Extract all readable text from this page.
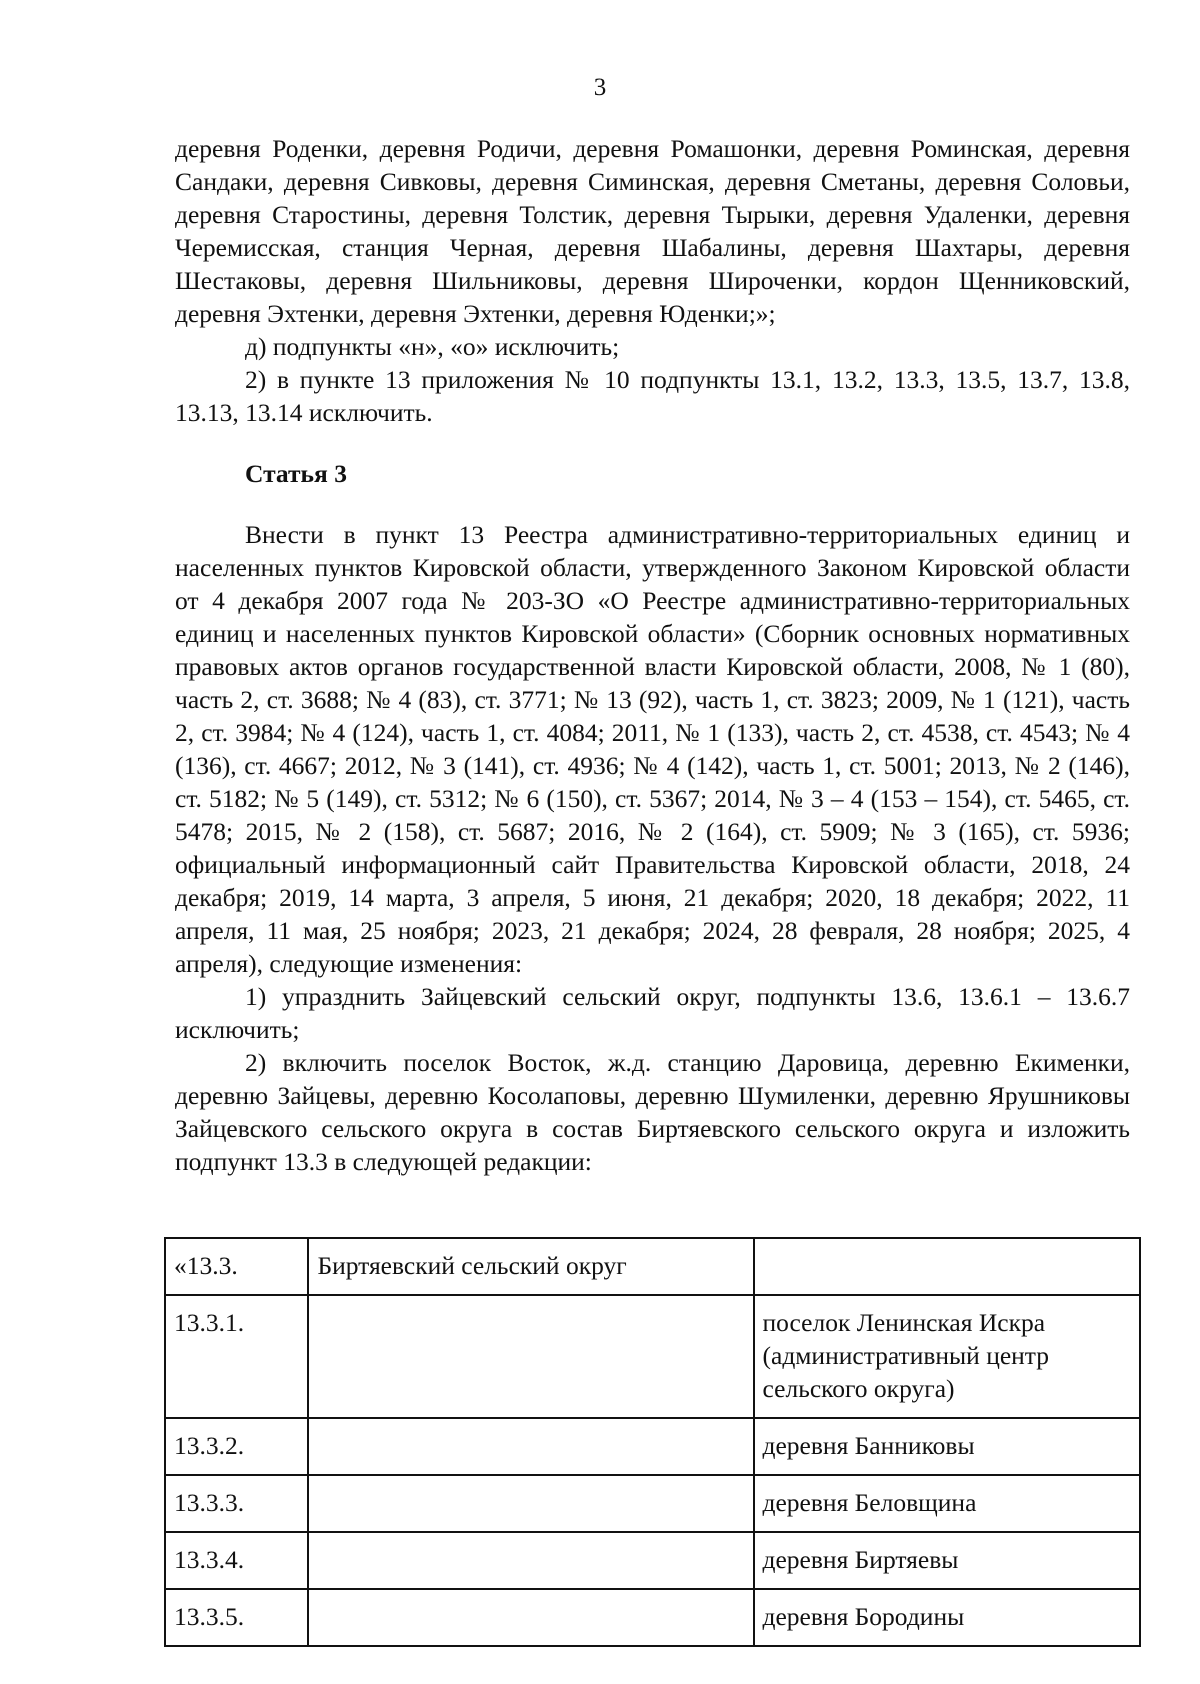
3

деревня Роденки, деревня Родичи, деревня Ромашонки, деревня Роминская, деревня Сандаки, деревня Сивковы, деревня Симинская, деревня Сметаны, деревня Соловьи, деревня Старостины, деревня Толстик, деревня Тырыки, деревня Удаленки, деревня Черемисская, станция Черная, деревня Шабалины, деревня Шахтары, деревня Шестаковы, деревня Шильниковы, деревня Широченки, кордон Щенниковский, деревня Эхтенки, деревня Эхтенки, деревня Юденки;»;

д) подпункты «н», «о» исключить;

2) в пункте 13 приложения № 10 подпункты 13.1, 13.2, 13.3, 13.5, 13.7, 13.8, 13.13, 13.14 исключить.

Статья 3

Внести в пункт 13 Реестра административно-территориальных единиц и населенных пунктов Кировской области, утвержденного Законом Кировской области от 4 декабря 2007 года № 203-ЗО «О Реестре административно-территориальных единиц и населенных пунктов Кировской области» (Сборник основных нормативных правовых актов органов государственной власти Кировской области, 2008, № 1 (80), часть 2, ст. 3688; № 4 (83), ст. 3771; № 13 (92), часть 1, ст. 3823; 2009, № 1 (121), часть 2, ст. 3984; № 4 (124), часть 1, ст. 4084; 2011, № 1 (133), часть 2, ст. 4538, ст. 4543; № 4 (136), ст. 4667; 2012, № 3 (141), ст. 4936; № 4 (142), часть 1, ст. 5001; 2013, № 2 (146), ст. 5182; № 5 (149), ст. 5312; № 6 (150), ст. 5367; 2014, № 3 – 4 (153 – 154), ст. 5465, ст. 5478; 2015, № 2 (158), ст. 5687; 2016, № 2 (164), ст. 5909; № 3 (165), ст. 5936; официальный информационный сайт Правительства Кировской области, 2018, 24 декабря; 2019, 14 марта, 3 апреля, 5 июня, 21 декабря; 2020, 18 декабря; 2022, 11 апреля, 11 мая, 25 ноября; 2023, 21 декабря; 2024, 28 февраля, 28 ноября; 2025, 4 апреля), следующие изменения:

1) упразднить Зайцевский сельский округ, подпункты 13.6, 13.6.1 – 13.6.7 исключить;

2) включить поселок Восток, ж.д. станцию Даровица, деревню Екименки, деревню Зайцевы, деревню Косолаповы, деревню Шумиленки, деревню Ярушниковы Зайцевского сельского округа в состав Биртяевского сельского округа и изложить подпункт 13.3 в следующей редакции:

«13.3.	Биртяевский сельский округ	
13.3.1.		поселок Ленинская Искра (административный центр сельского округа)
13.3.2.		деревня Банниковы
13.3.3.		деревня Беловщина
13.3.4.		деревня Биртяевы
13.3.5.		деревня Бородины
